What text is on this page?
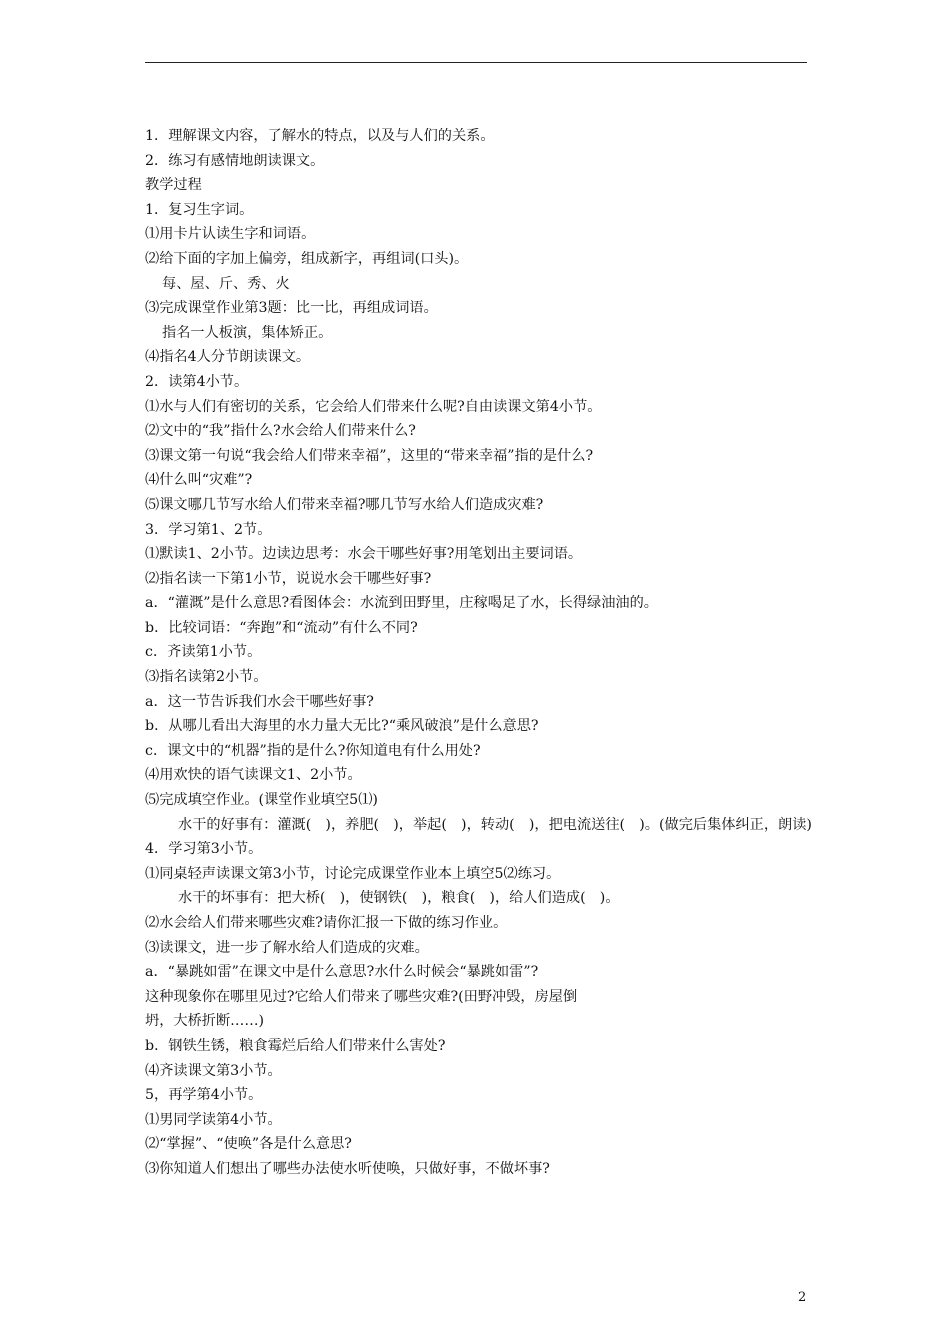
1．理解课文内容，了解水的特点，以及与人们的关系。
2．练习有感情地朗读课文。
教学过程
1．复习生字词。
⑴用卡片认读生字和词语。
⑵给下面的字加上偏旁，组成新字，再组词(口头)。
每、屋、斤、秀、火
⑶完成课堂作业第3题：比一比，再组成词语。
指名一人板演，集体矫正。
⑷指名4人分节朗读课文。
2．读第4小节。
⑴水与人们有密切的关系，它会给人们带来什么呢?自由读课文第4小节。
⑵文中的“我”指什么?水会给人们带来什么?
⑶课文第一句说“我会给人们带来幸福”，这里的“带来幸福”指的是什么?
⑷什么叫“灾难”?
⑸课文哪几节写水给人们带来幸福?哪几节写水给人们造成灾难?
3．学习第1、2节。
⑴默读1、2小节。边读边思考：水会干哪些好事?用笔划出主要词语。
⑵指名读一下第1小节，说说水会干哪些好事?
a．“灌溉”是什么意思?看图体会：水流到田野里，庄稼喝足了水，长得绿油油的。
b．比较词语：“奔跑”和“流动”有什么不同?
c．齐读第1小节。
⑶指名读第2小节。
a．这一节告诉我们水会干哪些好事?
b．从哪儿看出大海里的水力量大无比?“乘风破浪”是什么意思?
c．课文中的“机器”指的是什么?你知道电有什么用处?
⑷用欢快的语气读课文1、2小节。
⑸完成填空作业。(课堂作业填空5⑴)
水干的好事有：灌溉(　)，养肥(　)，举起(　)，转动(　)，把电流送往(　)。(做完后集体纠正，朗读)
4．学习第3小节。
⑴同桌轻声读课文第3小节，讨论完成课堂作业本上填空5⑵练习。
水干的坏事有：把大桥(　)，使钢铁(　)，粮食(　)，给人们造成(　)。
⑵水会给人们带来哪些灾难?请你汇报一下做的练习作业。
⑶读课文，进一步了解水给人们造成的灾难。
a．“暴跳如雷”在课文中是什么意思?水什么时候会“暴跳如雷”?
这种现象你在哪里见过?它给人们带来了哪些灾难?(田野冲毁，房屋倒
坍，大桥折断……)
b．钢铁生锈，粮食霉烂后给人们带来什么害处?
⑷齐读课文第3小节。
5，再学第4小节。
⑴男同学读第4小节。
⑵“掌握”、“使唤”各是什么意思?
⑶你知道人们想出了哪些办法使水听使唤，只做好事，不做坏事?
2
